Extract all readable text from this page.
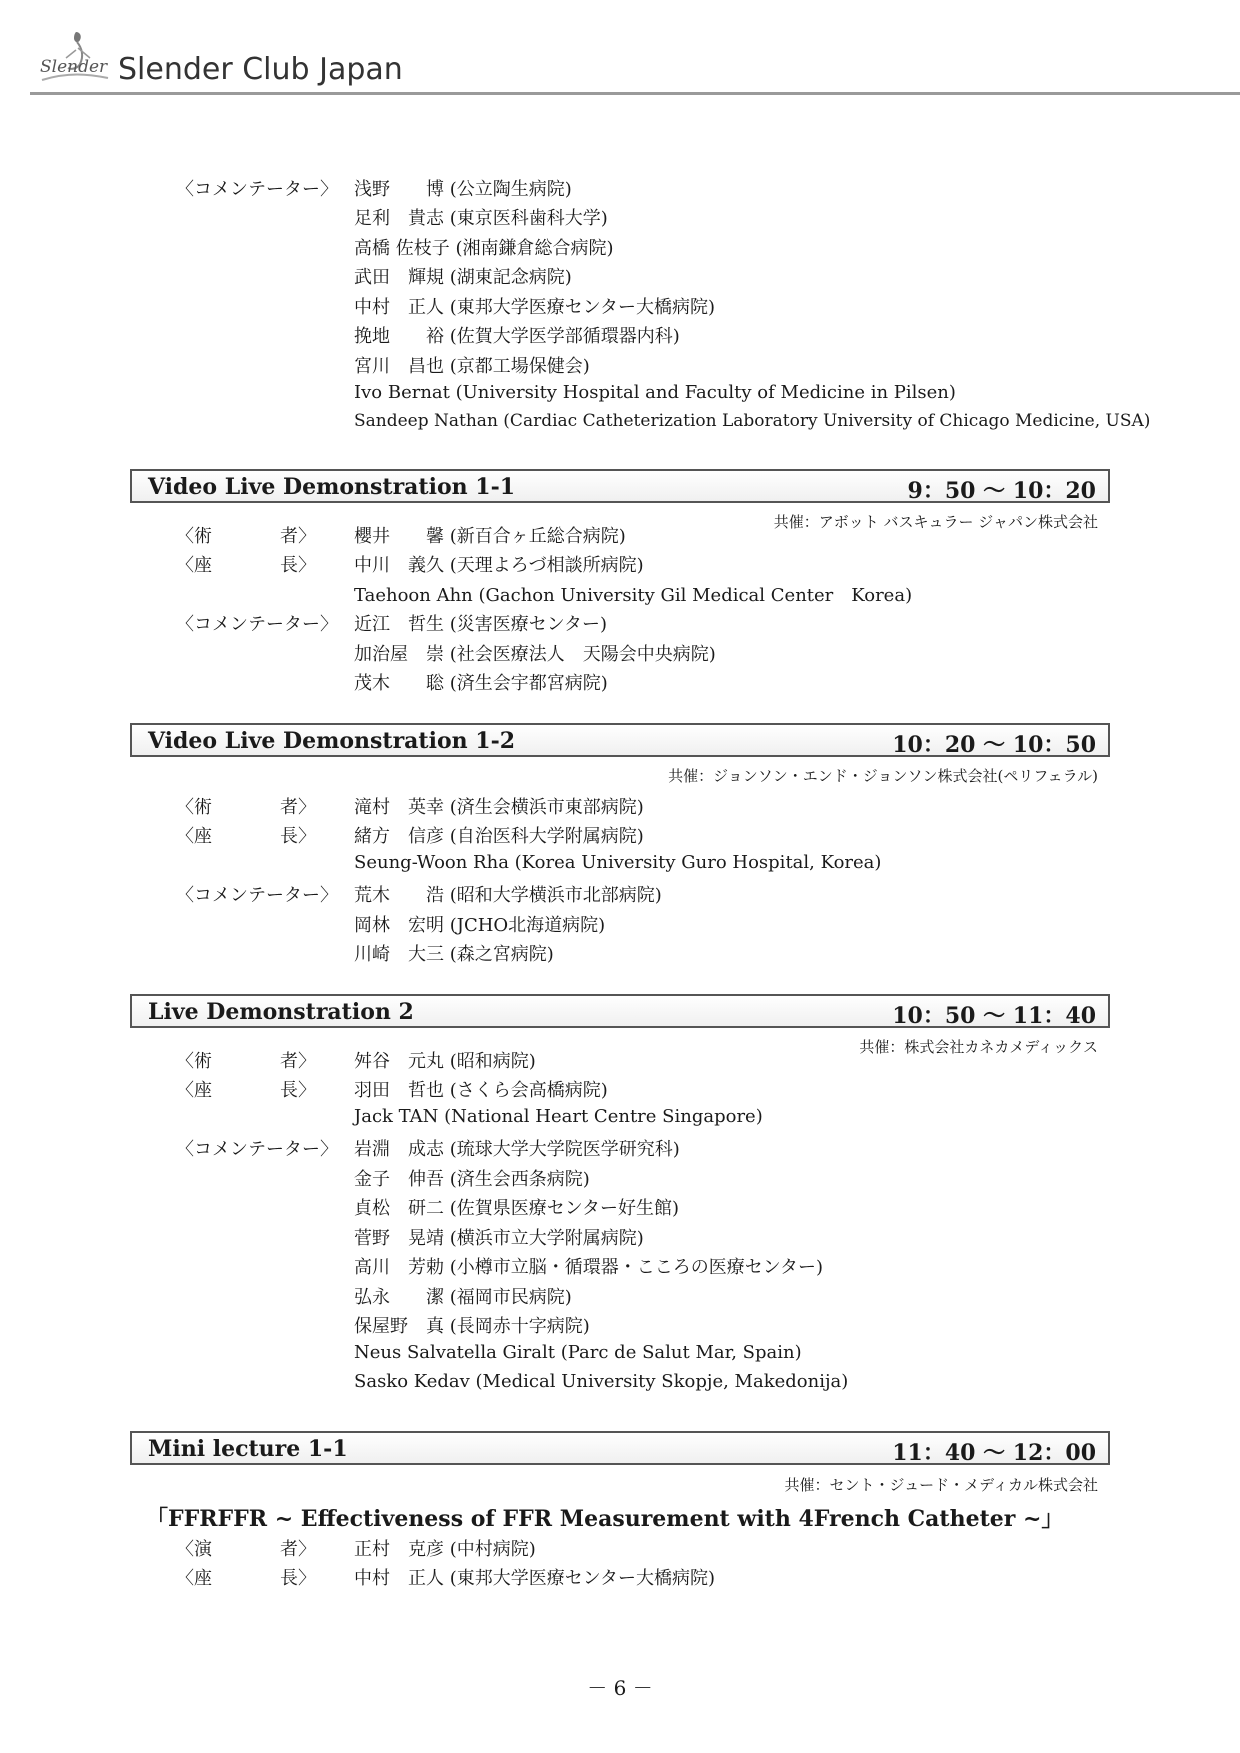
Slender Slender Club Japan
〈コメンテーター〉 浅野　　博 (公立陶生病院)
足利　貴志 (東京医科歯科大学)
高橋 佐枝子 (湘南鎌倉総合病院)
武田　輝規 (湖東記念病院)
中村　正人 (東邦大学医療センター大橋病院)
挽地　　裕 (佐賀大学医学部循環器内科)
宮川　昌也 (京都工場保健会)
Ivo Bernat (University Hospital and Faculty of Medicine in Pilsen)
Sandeep Nathan (Cardiac Catheterization Laboratory University of Chicago Medicine, USA)
Video Live Demonstration 1-1	9：50 ～ 10：20
共催：アボット バスキュラー ジャパン株式会社
〈術	者〉 櫻井　　馨 (新百合ヶ丘総合病院)
〈座	長〉 中川　義久 (天理よろづ相談所病院)
Taehoon Ahn (Gachon University Gil Medical Center　Korea)
〈コメンテーター〉 近江　哲生 (災害医療センター)
加治屋　崇 (社会医療法人　天陽会中央病院)
茂木　　聡 (済生会宇都宮病院)
Video Live Demonstration 1-2	10：20 ～ 10：50
共催：ジョンソン・エンド・ジョンソン株式会社(ペリフェラル)
〈術	者〉 滝村　英幸 (済生会横浜市東部病院)
〈座	長〉 緒方　信彦 (自治医科大学附属病院)
Seung-Woon Rha (Korea University Guro Hospital, Korea)
〈コメンテーター〉 荒木　　浩 (昭和大学横浜市北部病院)
岡林　宏明 (JCHO北海道病院)
川崎　大三 (森之宮病院)
Live Demonstration 2	10：50 ～ 11：40
共催：株式会社カネカメディックス
〈術	者〉 舛谷　元丸 (昭和病院)
〈座	長〉 羽田　哲也 (さくら会高橋病院)
Jack TAN (National Heart Centre Singapore)
〈コメンテーター〉 岩淵　成志 (琉球大学大学院医学研究科)
金子　伸吾 (済生会西条病院)
貞松　研二 (佐賀県医療センター好生館)
菅野　晃靖 (横浜市立大学附属病院)
高川　芳勅 (小樽市立脳・循環器・こころの医療センター)
弘永　　潔 (福岡市民病院)
保屋野　真 (長岡赤十字病院)
Neus Salvatella Giralt (Parc de Salut Mar, Spain)
Sasko Kedav (Medical University Skopje, Makedonija)
Mini lecture 1-1	11：40 ～ 12：00
共催：セント・ジュード・メディカル株式会社
「FFRFFR ~ Effectiveness of FFR Measurement with 4French Catheter ~」
〈演	者〉 正村　克彦 (中村病院)
〈座	長〉 中村　正人 (東邦大学医療センター大橋病院)
－ 6 －
